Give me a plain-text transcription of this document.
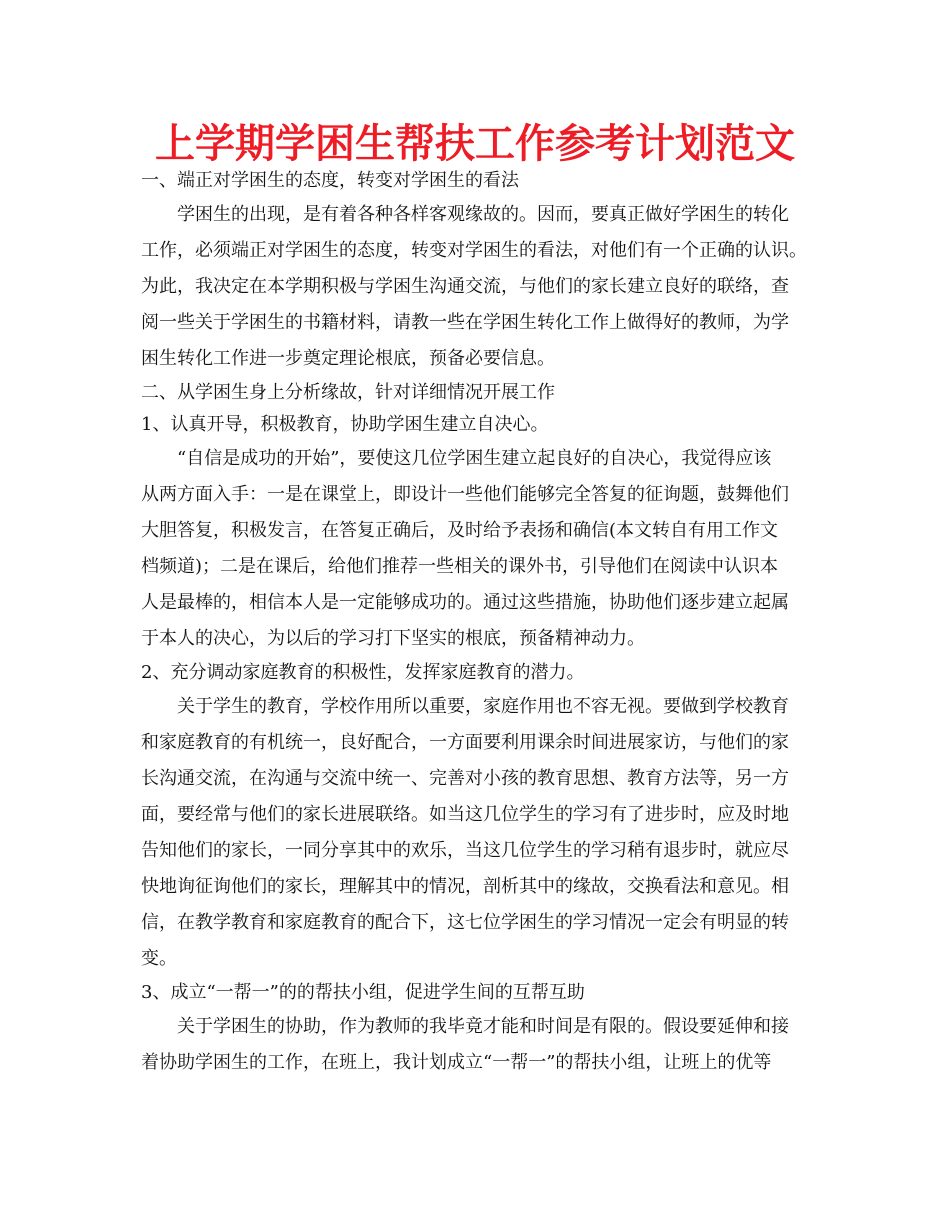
上学期学困生帮扶工作参考计划范文
一、端正对学困生的态度，转变对学困生的看法
学困生的出现，是有着各种各样客观缘故的。因而，要真正做好学困生的转化
工作，必须端正对学困生的态度，转变对学困生的看法，对他们有一个正确的认识。
为此，我决定在本学期积极与学困生沟通交流，与他们的家长建立良好的联络，查
阅一些关于学困生的书籍材料，请教一些在学困生转化工作上做得好的教师，为学
困生转化工作进一步奠定理论根底，预备必要信息。
二、从学困生身上分析缘故，针对详细情况开展工作
1、认真开导，积极教育，协助学困生建立自决心。
“自信是成功的开始”，要使这几位学困生建立起良好的自决心，我觉得应该
从两方面入手：一是在课堂上，即设计一些他们能够完全答复的征询题，鼓舞他们
大胆答复，积极发言，在答复正确后，及时给予表扬和确信(本文转自有用工作文
档频道)；二是在课后，给他们推荐一些相关的课外书，引导他们在阅读中认识本
人是最棒的，相信本人是一定能够成功的。通过这些措施，协助他们逐步建立起属
于本人的决心，为以后的学习打下坚实的根底，预备精神动力。
2、充分调动家庭教育的积极性，发挥家庭教育的潜力。
关于学生的教育，学校作用所以重要，家庭作用也不容无视。要做到学校教育
和家庭教育的有机统一，良好配合，一方面要利用课余时间进展家访，与他们的家
长沟通交流，在沟通与交流中统一、完善对小孩的教育思想、教育方法等，另一方
面，要经常与他们的家长进展联络。如当这几位学生的学习有了进步时，应及时地
告知他们的家长，一同分享其中的欢乐，当这几位学生的学习稍有退步时，就应尽
快地询征询他们的家长，理解其中的情况，剖析其中的缘故，交换看法和意见。相
信，在教学教育和家庭教育的配合下，这七位学困生的学习情况一定会有明显的转
变。
3、成立“一帮一”的的帮扶小组，促进学生间的互帮互助
关于学困生的协助，作为教师的我毕竟才能和时间是有限的。假设要延伸和接
着协助学困生的工作，在班上，我计划成立“一帮一”的帮扶小组，让班上的优等
